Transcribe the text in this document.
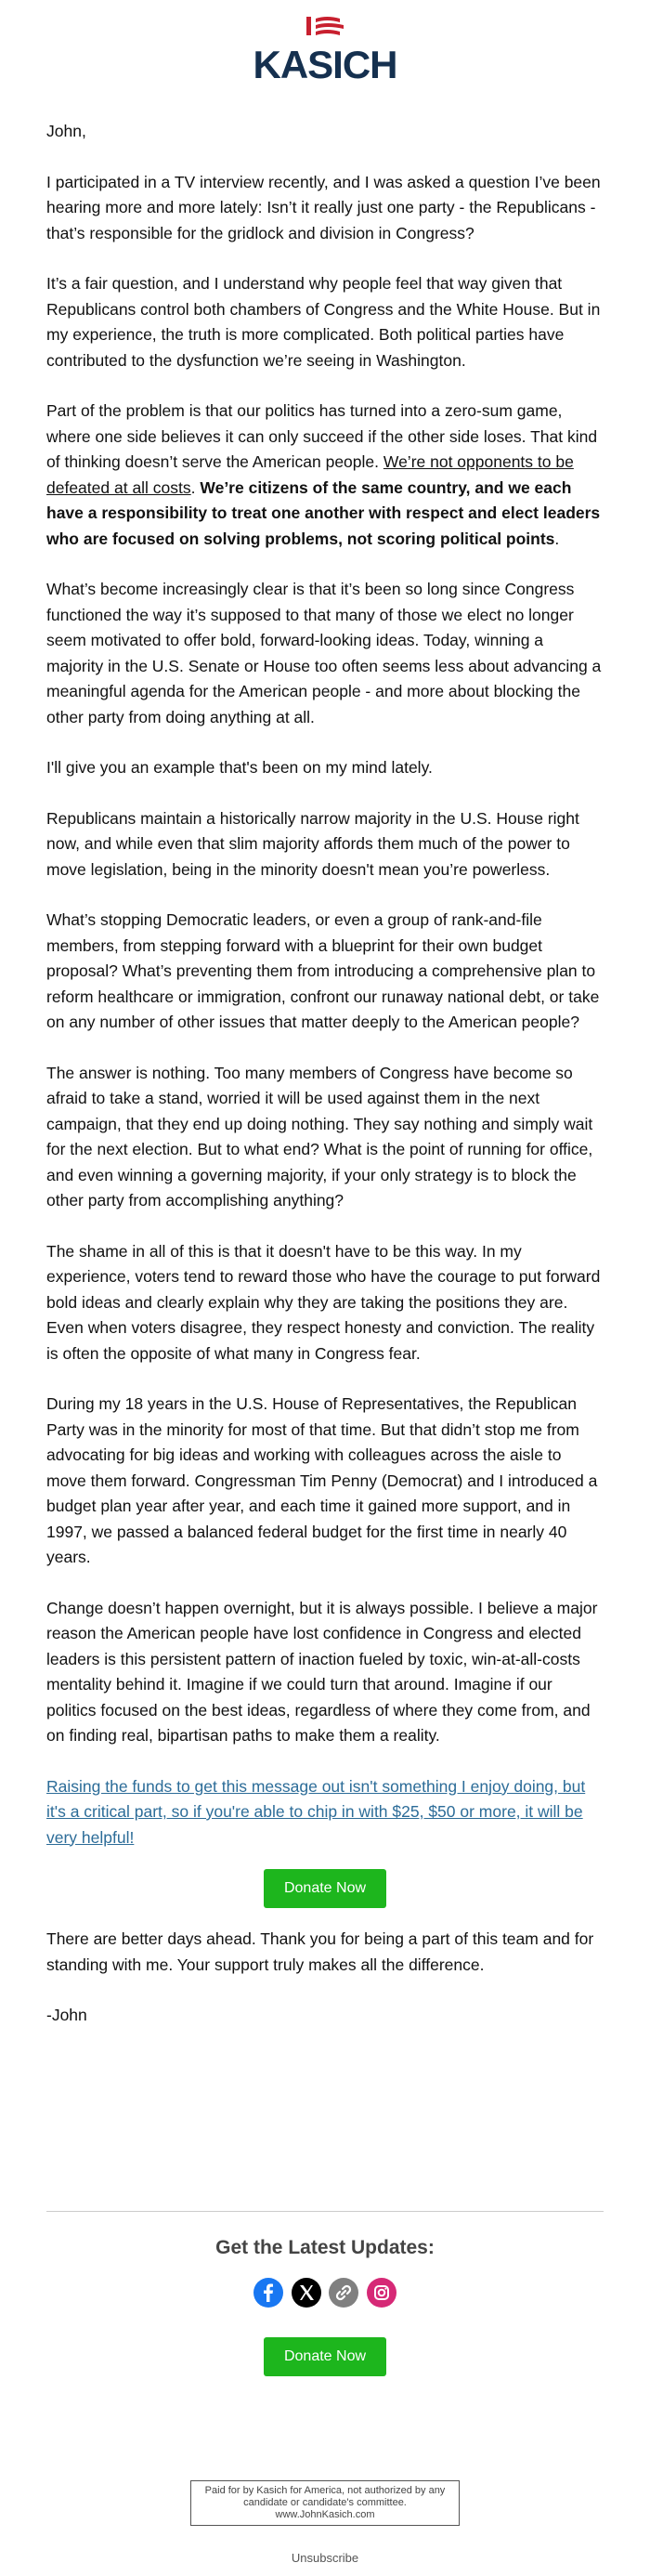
KASICH

John,

I participated in a TV interview recently, and I was asked a question I’ve been hearing more and more lately: Isn’t it really just one party - the Republicans - that’s responsible for the gridlock and division in Congress?

It’s a fair question, and I understand why people feel that way given that Republicans control both chambers of Congress and the White House. But in my experience, the truth is more complicated. Both political parties have contributed to the dysfunction we’re seeing in Washington.

Part of the problem is that our politics has turned into a zero-sum game, where one side believes it can only succeed if the other side loses. That kind of thinking doesn’t serve the American people. We’re not opponents to be defeated at all costs. We’re citizens of the same country, and we each have a responsibility to treat one another with respect and elect leaders who are focused on solving problems, not scoring political points.

What’s become increasingly clear is that it’s been so long since Congress functioned the way it’s supposed to that many of those we elect no longer seem motivated to offer bold, forward-looking ideas. Today, winning a majority in the U.S. Senate or House too often seems less about advancing a meaningful agenda for the American people - and more about blocking the other party from doing anything at all.

I'll give you an example that's been on my mind lately.

Republicans maintain a historically narrow majority in the U.S. House right now, and while even that slim majority affords them much of the power to move legislation, being in the minority doesn't mean you’re powerless.

What’s stopping Democratic leaders, or even a group of rank-and-file members, from stepping forward with a blueprint for their own budget proposal? What’s preventing them from introducing a comprehensive plan to reform healthcare or immigration, confront our runaway national debt, or take on any number of other issues that matter deeply to the American people?

The answer is nothing. Too many members of Congress have become so afraid to take a stand, worried it will be used against them in the next campaign, that they end up doing nothing. They say nothing and simply wait for the next election. But to what end? What is the point of running for office, and even winning a governing majority, if your only strategy is to block the other party from accomplishing anything?

The shame in all of this is that it doesn't have to be this way. In my experience, voters tend to reward those who have the courage to put forward bold ideas and clearly explain why they are taking the positions they are. Even when voters disagree, they respect honesty and conviction. The reality is often the opposite of what many in Congress fear.

During my 18 years in the U.S. House of Representatives, the Republican Party was in the minority for most of that time. But that didn’t stop me from advocating for big ideas and working with colleagues across the aisle to move them forward. Congressman Tim Penny (Democrat) and I introduced a budget plan year after year, and each time it gained more support, and in 1997, we passed a balanced federal budget for the first time in nearly 40 years.

Change doesn’t happen overnight, but it is always possible. I believe a major reason the American people have lost confidence in Congress and elected leaders is this persistent pattern of inaction fueled by toxic, win-at-all-costs mentality behind it. Imagine if we could turn that around. Imagine if our politics focused on the best ideas, regardless of where they come from, and on finding real, bipartisan paths to make them a reality.

Raising the funds to get this message out isn't something I enjoy doing, but it's a critical part, so if you're able to chip in with $25, $50 or more, it will be very helpful!

Donate Now

There are better days ahead. Thank you for being a part of this team and for standing with me. Your support truly makes all the difference.

-John

Get the Latest Updates:

Donate Now
Paid for by Kasich for America, not authorized by any candidate or candidate's committee.
www.JohnKasich.com
Unsubscribe
